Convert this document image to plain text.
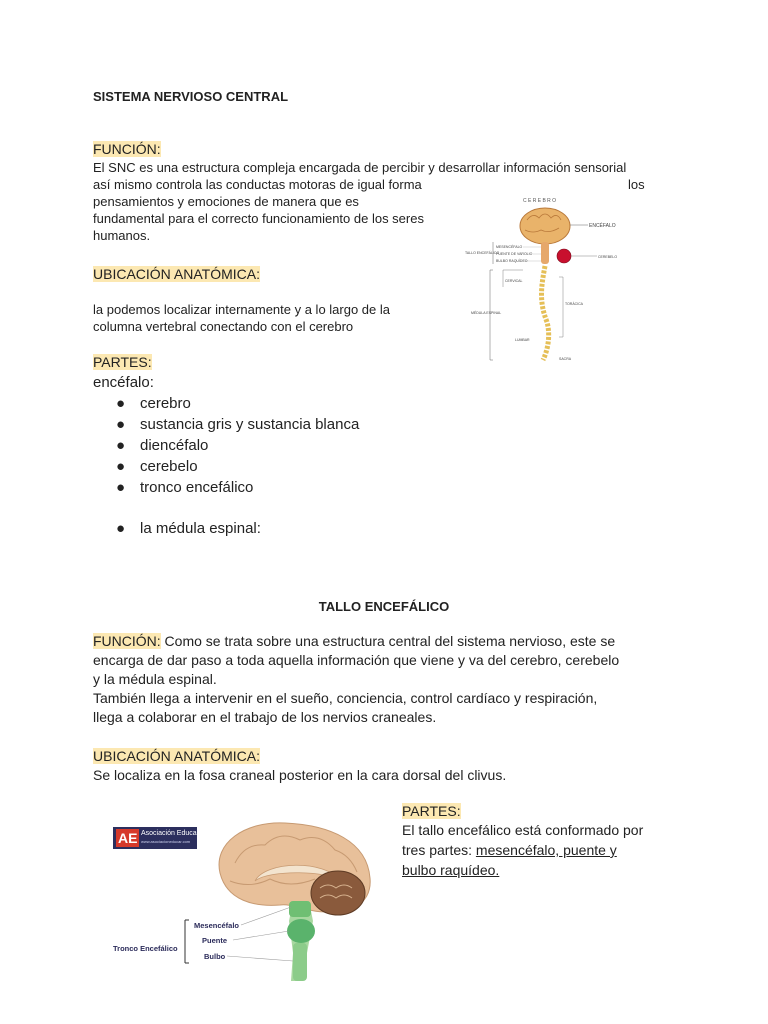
SISTEMA NERVIOSO CENTRAL
FUNCIÓN:
El SNC es una estructura compleja encargada de percibir y desarrollar información sensorial
así mismo controla las conductas motoras de igual forma
pensamientos y emociones de manera que es
fundamental para el correcto funcionamiento de los seres
humanos.
los
UBICACIÓN ANATÓMICA:
la podemos localizar internamente y a lo largo de la
columna vertebral conectando con el cerebro
PARTES:
encéfalo:
● cerebro
● sustancia gris y sustancia blanca
● diencéfalo
● cerebelo
● tronco encefálico
● la médula espinal:
C E R E B R O
ENCÉFALO
CEREBELO
TALLO ENCEFÁLICO
MESENCÉFALO
PUENTE DE VAROLIO
BULBO RAQUÍDEO
MÉDULA ESPINAL
CERVICAL
TORÁCICA
LUMBAR
SACRA
TALLO ENCEFÁLICO
FUNCIÓN: Como se trata sobre una estructura central del sistema nervioso, este se
encarga de dar paso a toda aquella información que viene y va del cerebro, cerebelo
y la médula espinal.
También llega a intervenir en el sueño, conciencia, control cardíaco y respiración,
llega a colaborar en el trabajo de los nervios craneales.
UBICACIÓN ANATÓMICA:
Se localiza en la fosa craneal posterior en la cara dorsal del clivus.
PARTES:
El tallo encefálico está conformado por
tres partes: mesencéfalo, puente y
bulbo raquídeo.
AE Asociación Educar
www.asociacioneducar.com
Mesencéfalo
Puente
Bulbo
Tronco Encefálico
